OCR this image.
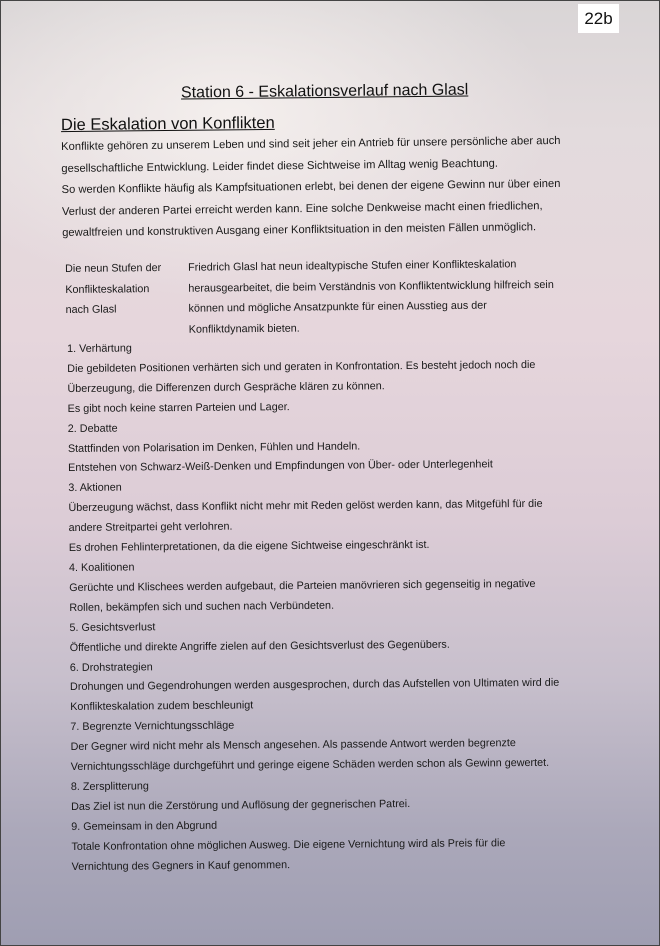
22b
Station 6 - Eskalationsverlauf nach Glasl
Die Eskalation von Konflikten

Konflikte gehören zu unserem Leben und sind seit jeher ein Antrieb für unsere persönliche aber auch

gesellschaftliche Entwicklung. Leider findet diese Sichtweise im Alltag wenig Beachtung.

So werden Konflikte häufig als Kampfsituationen erlebt, bei denen der eigene Gewinn nur über einen

Verlust der anderen Partei erreicht werden kann. Eine solche Denkweise macht einen friedlichen,

gewaltfreien und konstruktiven Ausgang einer Konfliktsituation in den meisten Fällen unmöglich.

Die neun Stufen der
Konflikteskalation
nach Glasl
Friedrich Glasl hat neun idealtypische Stufen einer Konflikteskalation
herausgearbeitet, die beim Verständnis von Konfliktentwicklung hilfreich sein
können und mögliche Ansatzpunkte für einen Ausstieg aus der
Konfliktdynamik bieten.

1. Verhärtung

Die gebildeten Positionen verhärten sich und geraten in Konfrontation. Es besteht jedoch noch die
Überzeugung, die Differenzen durch Gespräche klären zu können.
Es gibt noch keine starren Parteien und Lager.

2. Debatte

Stattfinden von Polarisation im Denken, Fühlen und Handeln.
Entstehen von Schwarz-Weiß-Denken und Empfindungen von Über- oder Unterlegenheit

3. Aktionen

Überzeugung wächst, dass Konflikt nicht mehr mit Reden gelöst werden kann, das Mitgefühl für die
andere Streitpartei geht verlohren.
Es drohen Fehlinterpretationen, da die eigene Sichtweise eingeschränkt ist.

4. Koalitionen

Gerüchte und Klischees werden aufgebaut, die Parteien manövrieren sich gegenseitig in negative
Rollen, bekämpfen sich und suchen nach Verbündeten.

5. Gesichtsverlust

Öffentliche und direkte Angriffe zielen auf den Gesichtsverlust des Gegenübers.

6. Drohstrategien

Drohungen und Gegendrohungen werden ausgesprochen, durch das Aufstellen von Ultimaten wird die
Konflikteskalation zudem beschleunigt

7. Begrenzte Vernichtungsschläge

Der Gegner wird nicht mehr als Mensch angesehen. Als passende Antwort werden begrenzte
Vernichtungsschläge durchgeführt und geringe eigene Schäden werden schon als Gewinn gewertet.

8. Zersplitterung

Das Ziel ist nun die Zerstörung und Auflösung der gegnerischen Patrei.

9. Gemeinsam in den Abgrund

Totale Konfrontation ohne möglichen Ausweg. Die eigene Vernichtung wird als Preis für die
Vernichtung des Gegners in Kauf genommen.
